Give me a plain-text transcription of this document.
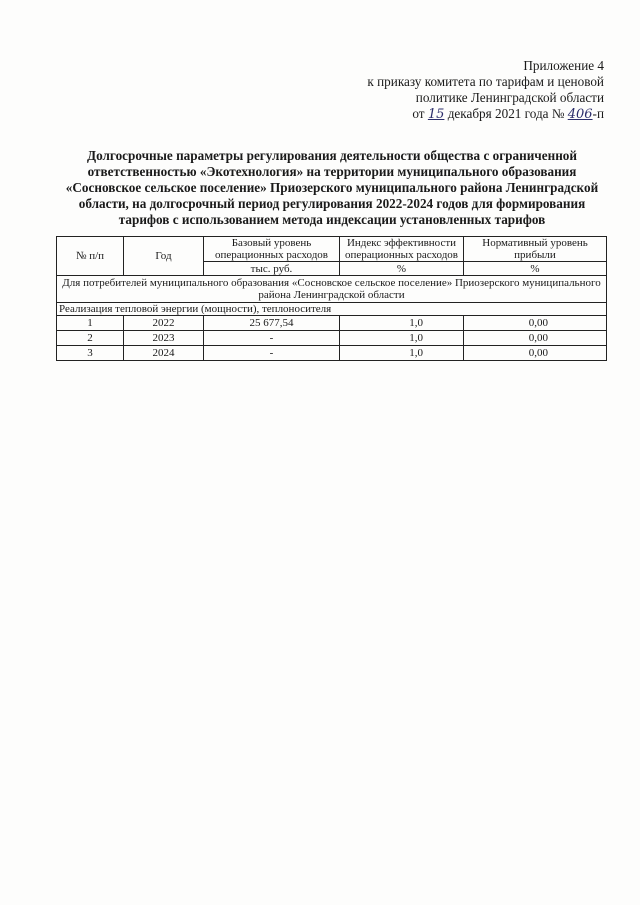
Приложение 4
к приказу комитета по тарифам и ценовой
политике Ленинградской области
от 15 декабря 2021 года № 406-п
Долгосрочные параметры регулирования деятельности общества с ограниченной
ответственностью «Экотехнология» на территории муниципального образования
«Сосновское сельское поселение» Приозерского муниципального района Ленинградской
области, на долгосрочный период регулирования 2022-2024 годов для формирования
тарифов с использованием метода индексации установленных тарифов
№ п/п	Год	Базовый уровень операционных расходов	Индекс эффективности операционных расходов	Нормативный уровень прибыли
		тыс. руб.	%	%
Для потребителей муниципального образования «Сосновское сельское поселение» Приозерского муниципального района Ленинградской области				
Реализация тепловой энергии (мощности), теплоносителя				
1	2022	25 677,54	1,0	0,00
2	2023	-	1,0	0,00
3	2024	-	1,0	0,00
